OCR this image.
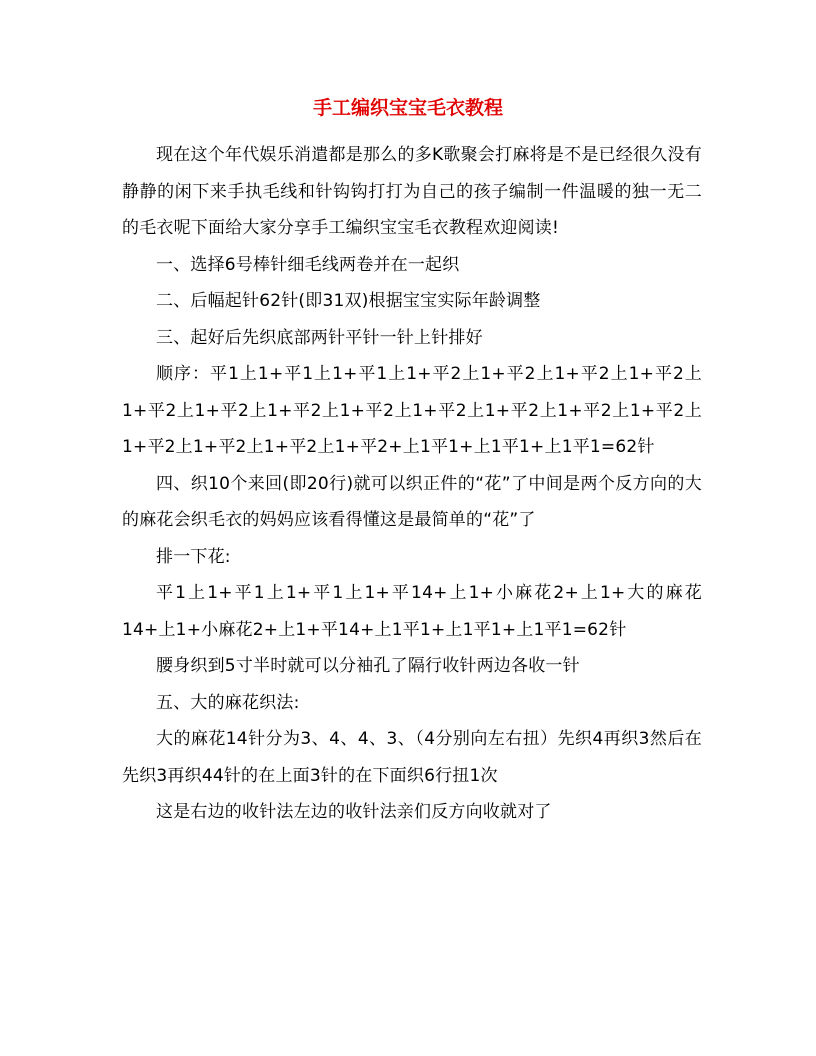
手工编织宝宝毛衣教程

现在这个年代娱乐消遣都是那么的多K歌聚会打麻将是不是已经很久没有静静的闲下来手执毛线和针钩钩打打为自己的孩子编制一件温暖的独一无二的毛衣呢下面给大家分享手工编织宝宝毛衣教程欢迎阅读!

一、选择6号棒针细毛线两卷并在一起织

二、后幅起针62针(即31双)根据宝宝实际年龄调整

三、起好后先织底部两针平针一针上针排好

顺序：平1上1+平1上1+平1上1+平2上1+平2上1+平2上1+平2上1+平2上1+平2上1+平2上1+平2上1+平2上1+平2上1+平2上1+平2上1+平2上1+平2上1+平2上1+平2+上1平1+上1平1+上1平1=62针

四、织10个来回(即20行)就可以织正件的“花”了中间是两个反方向的大的麻花会织毛衣的妈妈应该看得懂这是最简单的“花”了

排一下花:

平1上1+平1上1+平1上1+平14+上1+小麻花2+上1+大的麻花14+上1+小麻花2+上1+平14+上1平1+上1平1+上1平1=62针

腰身织到5寸半时就可以分袖孔了隔行收针两边各收一针

五、大的麻花织法:

大的麻花14针分为3、4、4、3、（4分别向左右扭）先织4再织3然后在先织3再织44针的在上面3针的在下面织6行扭1次

这是右边的收针法左边的收针法亲们反方向收就对了
